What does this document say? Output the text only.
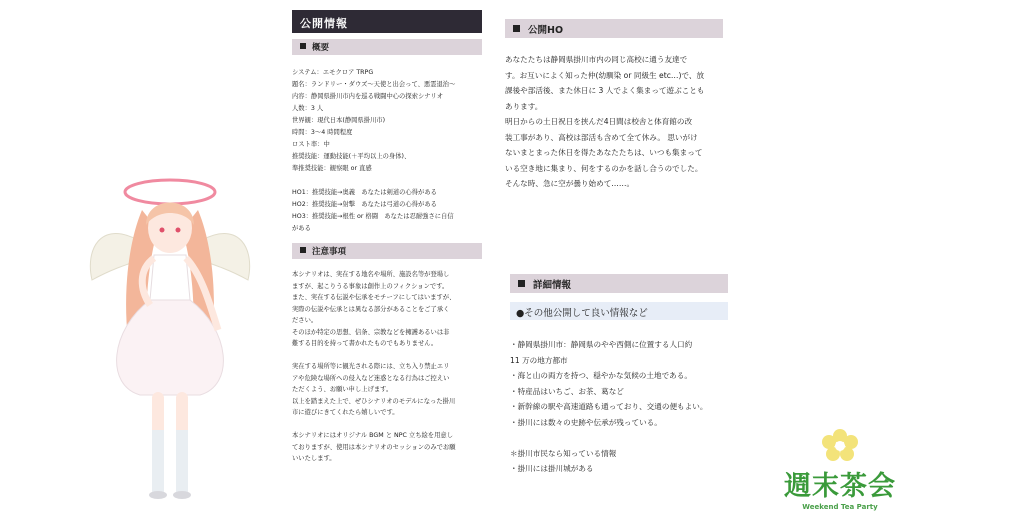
公開情報
概要
システム：エモクロア TRPG
題名：ランドリー・ダウズ～天使と出会って、悪霊退治～
内容：静岡県掛川市内を巡る戦闘中心の探索シナリオ
人数：3 人
世界観：現代日本(静岡県掛川市)
時間：3～4 時間程度
ロスト率：中
推奨技能：運動技能(＋平均以上の身体)、
準推奨技能：観察眼 or 直感
HO1：推奨技能→奥義　あなたは剣道の心得がある
HO2：推奨技能→射撃　あなたは弓道の心得がある
HO3：推奨技能→根性 or 格闘　あなたは忍耐強さに自信
がある
注意事項
本シナリオは、実在する地名や場所、施設名等が登場し
ますが、起こりうる事象は創作上のフィクションです。
また、実在する伝説や伝承をモチーフにしてはいますが、
実際の伝説や伝承とは異なる部分があることをご了承く
ださい。
そのほか特定の思想、信条、宗教などを擁護あるいは非
難する目的を持って書かれたものでもありません。
実在する場所等に観光される際には、立ち入り禁止エリ
アや危険な場所への侵入など迷惑となる行為はご控えい
ただくよう、お願い申し上げます。
以上を踏まえた上で、ぜひシナリオのモデルになった掛川
市に遊びにきてくれたら嬉しいです。
本シナリオにはオリジナル BGM と NPC 立ち絵を用意し
ておりますが、使用は本シナリオのセッションのみでお願
いいたします。
公開HO
あなたたちは静岡県掛川市内の同じ高校に通う友達で
す。お互いによく知った仲(幼馴染 or 同級生 etc…)で、放
課後や部活後、また休日に 3 人でよく集まって遊ぶことも
あります。
明日からの土日祝日を挟んだ4日間は校舎と体育館の改
装工事があり、高校は部活も含めて全て休み。 思いがけ
ないまとまった休日を得たあなたたちは、いつも集まって
いる空き地に集まり、何をするのかを話し合うのでした。
そんな時、急に空が曇り始めて……。
詳細情報
●その他公開して良い情報など
・静岡県掛川市：静岡県のやや西側に位置する人口約
11 万の地方都市
・海と山の両方を持つ、穏やかな気候の土地である。
・特産品はいちご、お茶、葛など
・新幹線の駅や高速道路も通っており、交通の便もよい。
・掛川には数々の史跡や伝承が残っている。
＊掛川市民なら知っている情報
・掛川には掛川城がある
週末茶会
Weekend Tea Party
